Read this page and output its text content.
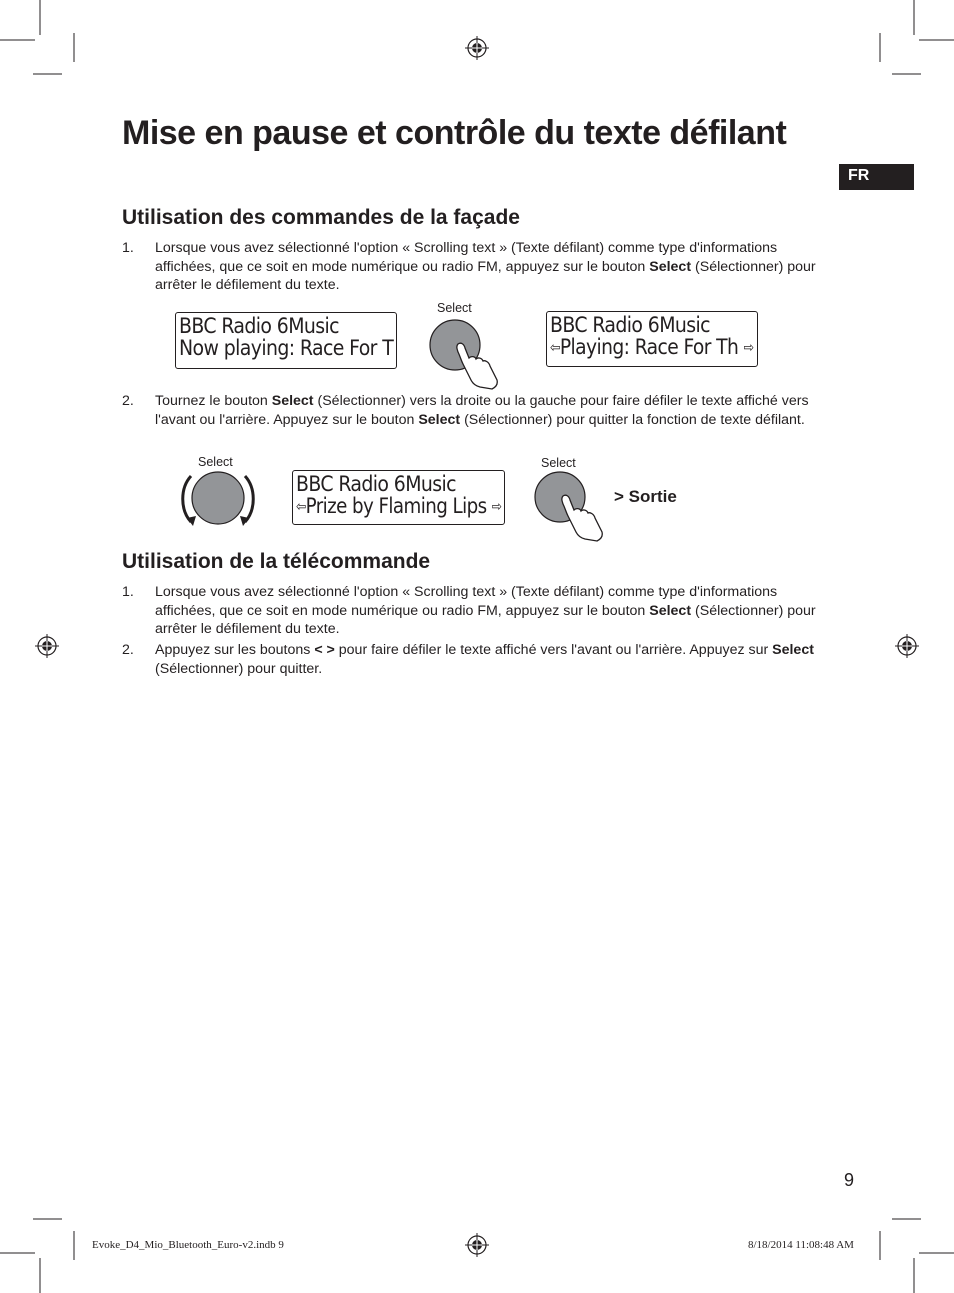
Mise en pause et contrôle du texte défilant
FR
Utilisation des commandes de la façade
1. Lorsque vous avez sélectionné l'option « Scrolling text » (Texte défilant) comme type d'informations affichées, que ce soit en mode numérique ou radio FM, appuyez sur le bouton Select (Sélectionner) pour arrêter le défilement du texte.
BBC Radio 6Music
Now playing: Race For T
Select
BBC Radio 6Music
⇦Playing: Race For Th ⇨
2. Tournez le bouton Select (Sélectionner) vers la droite ou la gauche pour faire défiler le texte affiché vers l'avant ou l'arrière. Appuyez sur le bouton Select (Sélectionner) pour quitter la fonction de texte défilant.
Select
BBC Radio 6Music
⇦Prize by Flaming Lips ⇨
Select
> Sortie
Utilisation de la télécommande
1. Lorsque vous avez sélectionné l'option « Scrolling text » (Texte défilant) comme type d'informations affichées, que ce soit en mode numérique ou radio FM, appuyez sur le bouton Select (Sélectionner) pour arrêter le défilement du texte.
2. Appuyez sur les boutons < > pour faire défiler le texte affiché vers l'avant ou l'arrière. Appuyez sur Select (Sélectionner) pour quitter.
9
Evoke_D4_Mio_Bluetooth_Euro-v2.indb 9	8/18/2014 11:08:48 AM
